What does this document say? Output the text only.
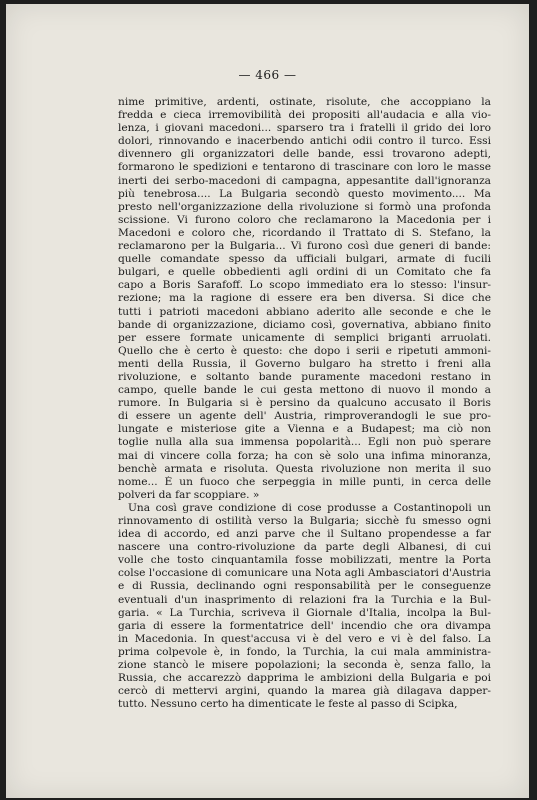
— 466 —
nime primitive, ardenti, ostinate, risolute, che accoppiano la
fredda e cieca irremovibilità dei propositi all'audacia e alla vio-
lenza, i giovani macedoni... sparsero tra i fratelli il grido dei loro
dolori, rinnovando e inacerbendo antichi odii contro il turco. Essi
divennero gli organizzatori delle bande, essi trovarono adepti,
formarono le spedizioni e tentarono di trascinare con loro le masse
inerti dei serbo-macedoni di campagna, appesantite dall'ignoranza
più tenebrosa.... La Bulgaria secondò questo movimento.... Ma
presto nell'organizzazione della rivoluzione si formò una profonda
scissione. Vi furono coloro che reclamarono la Macedonia per i
Macedoni e coloro che, ricordando il Trattato di S. Stefano, la
reclamarono per la Bulgaria... Vi furono così due generi di bande:
quelle comandate spesso da ufficiali bulgari, armate di fucili
bulgari, e quelle obbedienti agli ordini di un Comitato che fa
capo a Boris Sarafoff. Lo scopo immediato era lo stesso: l'insur-
rezione; ma la ragione di essere era ben diversa. Si dice che
tutti i patrioti macedoni abbiano aderito alle seconde e che le
bande di organizzazione, diciamo così, governativa, abbiano finito
per essere formate unicamente di semplici briganti arruolati.
Quello che è certo è questo: che dopo i serii e ripetuti ammoni-
menti della Russia, il Governo bulgaro ha stretto i freni alla
rivoluzione, e soltanto bande puramente macedoni restano in
campo, quelle bande le cui gesta mettono di nuovo il mondo a
rumore. In Bulgaria si è persino da qualcuno accusato il Boris
di essere un agente dell' Austria, rimproverandogli le sue pro-
lungate e misteriose gite a Vienna e a Budapest; ma ciò non
toglie nulla alla sua immensa popolarità... Egli non può sperare
mai di vincere colla forza; ha con sè solo una infima minoranza,
benchè armata e risoluta. Questa rivoluzione non merita il suo
nome... È un fuoco che serpeggia in mille punti, in cerca delle
polveri da far scoppiare. »
Una così grave condizione di cose produsse a Costantinopoli un
rinnovamento di ostilità verso la Bulgaria; sicchè fu smesso ogni
idea di accordo, ed anzi parve che il Sultano propendesse a far
nascere una contro-rivoluzione da parte degli Albanesi, di cui
volle che tosto cinquantamila fosse mobilizzati, mentre la Porta
colse l'occasione di comunicare una Nota agli Ambasciatori d'Austria
e di Russia, declinando ogni responsabilità per le conseguenze
eventuali d'un inasprimento di relazioni fra la Turchia e la Bul-
garia. « La Turchia, scriveva il Giornale d'Italia, incolpa la Bul-
garia di essere la formentatrice dell' incendio che ora divampa
in Macedonia. In quest'accusa vi è del vero e vi è del falso. La
prima colpevole è, in fondo, la Turchia, la cui mala amministra-
zione stancò le misere popolazioni; la seconda è, senza fallo, la
Russia, che accarezzò dapprima le ambizioni della Bulgaria e poi
cercò di mettervi argini, quando la marea già dilagava dapper-
tutto. Nessuno certo ha dimenticate le feste al passo di Scipka,
